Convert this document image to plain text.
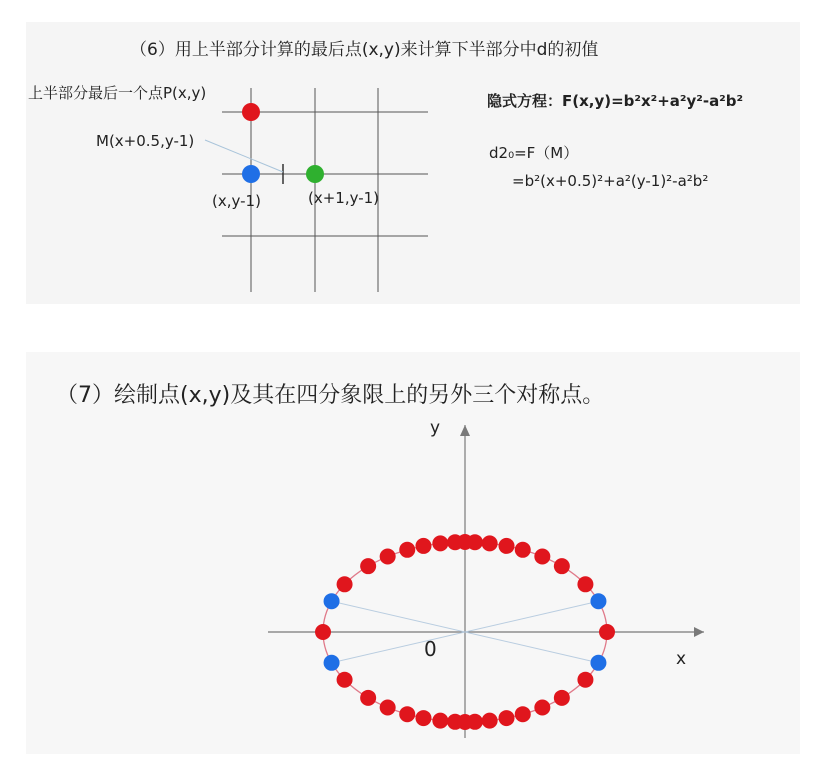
（6）用上半部分计算的最后点(x,y)来计算下半部分中d的初值
上半部分最后一个点P(x,y)
M(x+0.5,y-1)
(x,y-1)	(x+1,y-1)
隐式方程：F(x,y)=b²x²+a²y²-a²b²
d2₀=F（M）
=b²(x+0.5)²+a²(y-1)²-a²b²
（7）绘制点(x,y)及其在四分象限上的另外三个对称点。
x
y
0
